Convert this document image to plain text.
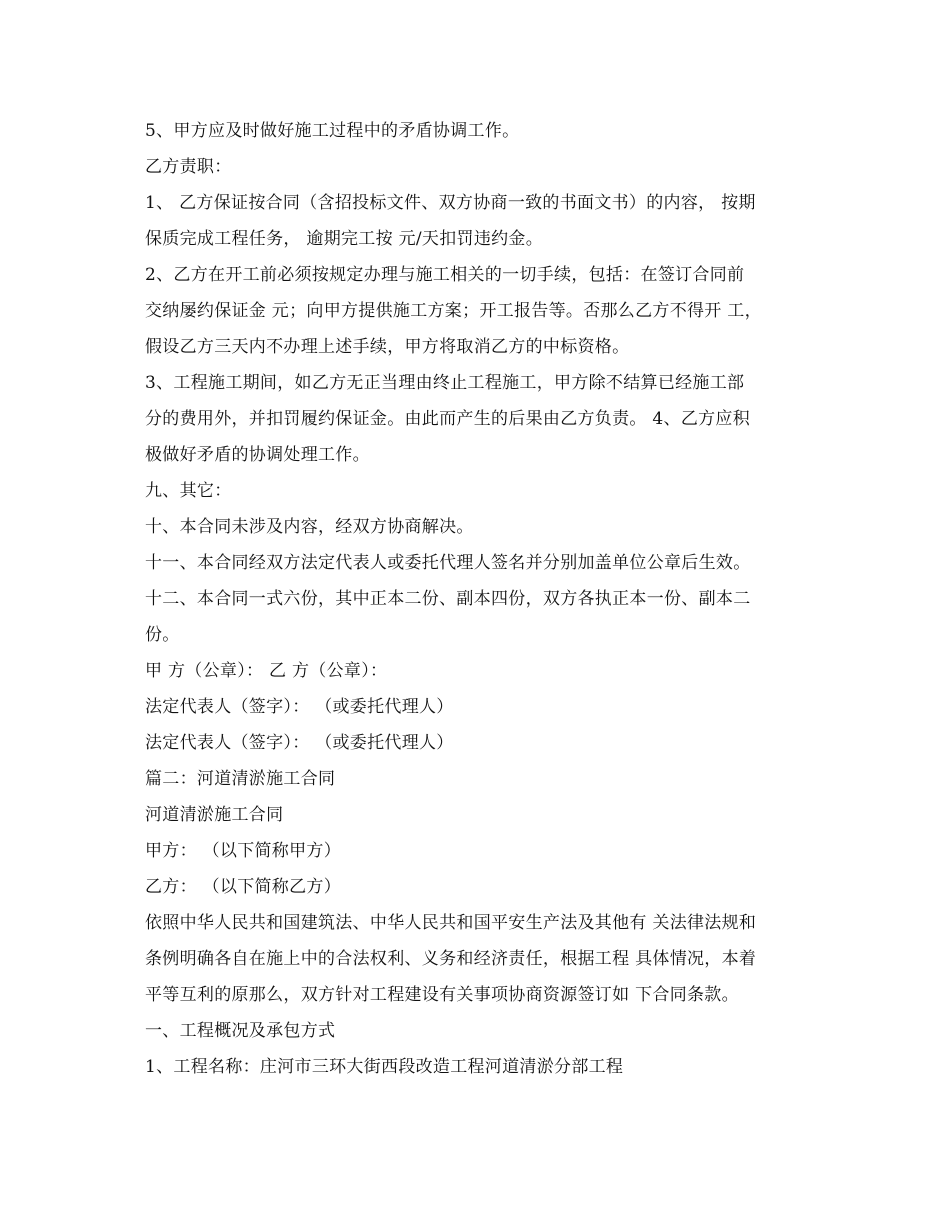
5、甲方应及时做好施工过程中的矛盾协调工作。

乙方责职：

1、 乙方保证按合同（含招投标文件、双方协商一致的书面文书）的内容， 按期

保质完成工程任务， 逾期完工按 元/天扣罚违约金。

2、乙方在开工前必须按规定办理与施工相关的一切手续，包括：在签订合同前

交纳屡约保证金 元；向甲方提供施工方案；开工报告等。否那么乙方不得开 工，

假设乙方三天内不办理上述手续，甲方将取消乙方的中标资格。

3、工程施工期间，如乙方无正当理由终止工程施工，甲方除不结算已经施工部

分的费用外，并扣罚履约保证金。由此而产生的后果由乙方负责。 4、乙方应积

极做好矛盾的协调处理工作。

九、其它：

十、本合同未涉及内容，经双方协商解决。

十一、本合同经双方法定代表人或委托代理人签名并分别加盖单位公章后生效。

十二、本合同一式六份，其中正本二份、副本四份，双方各执正本一份、副本二

份。

甲 方（公章）： 乙 方（公章）：

法定代表人（签字）： （或委托代理人）

法定代表人（签字）： （或委托代理人）

篇二：河道清淤施工合同

河道清淤施工合同

甲方： （以下简称甲方）

乙方： （以下简称乙方）

依照中华人民共和国建筑法、中华人民共和国平安生产法及其他有 关法律法规和

条例明确各自在施上中的合法权利、义务和经济责任，根据工程 具体情况，本着

平等互利的原那么，双方针对工程建设有关事项协商资源签订如 下合同条款。

一、工程概况及承包方式

1、工程名称：庄河市三环大街西段改造工程河道清淤分部工程
